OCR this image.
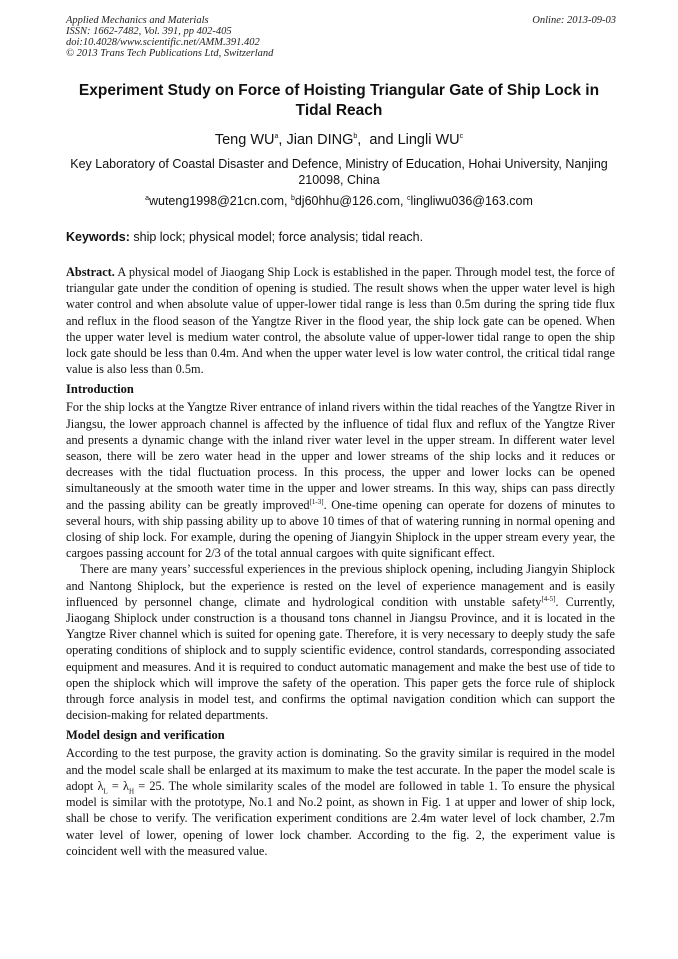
Applied Mechanics and Materials
ISSN: 1662-7482, Vol. 391, pp 402-405
doi:10.4028/www.scientific.net/AMM.391.402
© 2013 Trans Tech Publications Ltd, Switzerland
Online: 2013-09-03
Experiment Study on Force of Hoisting Triangular Gate of Ship Lock in Tidal Reach
Teng $WU^a$, Jian DING$^b$,  and Lingli $WU^c$
Key Laboratory of Coastal Disaster and Defence, Ministry of Education, Hohai University, Nanjing 210098, China
$^a$wuteng1998@21cn.com, $^b$dj60hhu@126.com, $^c$lingliwu036@163.com
Keywords: ship lock; physical model; force analysis; tidal reach.

Abstract. A physical model of Jiaogang Ship Lock is established in the paper. Through model test, the force of triangular gate under the condition of opening is studied. The result shows when the upper water level is high water control and when absolute value of upper-lower tidal range is less than 0.5m during the spring tide flux and reflux in the flood season of the Yangtze River in the flood year, the ship lock gate can be opened. When the upper water level is medium water control, the absolute value of upper-lower tidal range to open the ship lock gate should be less than 0.4m. And when the upper water level is low water control, the critical tidal range value is also less than 0.5m.

Introduction

For the ship locks at the Yangtze River entrance of inland rivers within the tidal reaches of the Yangtze River in Jiangsu, the lower approach channel is affected by the influence of tidal flux and reflux of the Yangtze River and presents a dynamic change with the inland river water level in the upper stream. In different water level season, there will be zero water head in the upper and lower streams of the ship locks and it reduces or decreases with the tidal fluctuation process. In this process, the upper and lower locks can be opened simultaneously at the smooth water time in the upper and lower streams. In this way, ships can pass directly and the passing ability can be greatly improved[1-3]. One-time opening can operate for dozens of minutes to several hours, with ship passing ability up to above 10 times of that of watering running in normal opening and closing of ship lock. For example, during the opening of Jiangyin Shiplock in the upper stream every year, the cargoes passing account for 2/3 of the total annual cargoes with quite significant effect.

There are many years’ successful experiences in the previous shiplock opening, including Jiangyin Shiplock and Nantong Shiplock, but the experience is rested on the level of experience management and is easily influenced by personnel change, climate and hydrological condition with unstable safety[4-5]. Currently, Jiaogang Shiplock under construction is a thousand tons channel in Jiangsu Province, and it is located in the Yangtze River channel which is suited for opening gate. Therefore, it is very necessary to deeply study the safe operating conditions of shiplock and to supply scientific evidence, control standards, corresponding associated equipment and measures. And it is required to conduct automatic management and make the best use of tide to open the shiplock which will improve the safety of the operation. This paper gets the force rule of shiplock through force analysis in model test, and confirms the optimal navigation condition which can support the decision-making for related departments.

Model design and verification

According to the test purpose, the gravity action is dominating. So the gravity similar is required in the model and the model scale shall be enlarged at its maximum to make the test accurate. In the paper the model scale is adopt $\lambda_L = \lambda_H = 25$. The whole similarity scales of the model are followed in table 1. To ensure the physical model is similar with the prototype, No.1 and No.2 point, as shown in Fig. 1 at upper and lower of ship lock, shall be chose to verify. The verification experiment conditions are 2.4m water level of lock chamber, 2.7m water level of lower, opening of lower lock chamber. According to the fig. 2, the experiment value is coincident well with the measured value.
